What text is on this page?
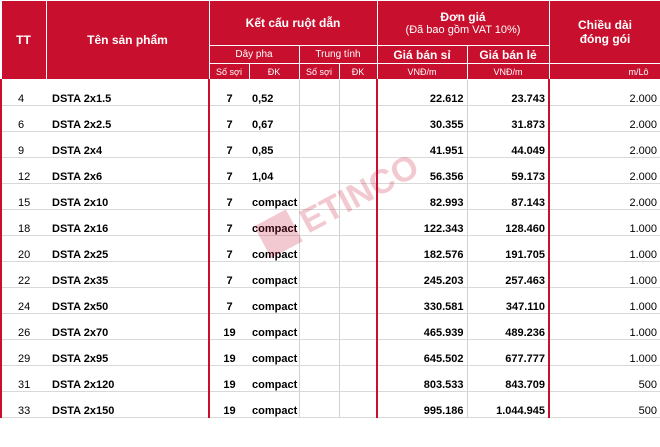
TT	Tên sản phẩm	Kết cấu ruột dẫn				Đơn giá
(Đã bao gồm VAT 10%)		Chiều dài
đóng gói

		Dây pha		Trung tính		Giá bán sỉ	Giá bán lẻ	
		Số sợi	ĐK	Số sợi	ĐK	VNĐ/m	VNĐ/m	m/Lô
4	DSTA 2x1.5	7	0,52			22.612	23.743	2.000
6	DSTA 2x2.5	7	0,67			30.355	31.873	2.000
9	DSTA 2x4	7	0,85			41.951	44.049	2.000
12	DSTA 2x6	7	1,04			56.356	59.173	2.000
15	DSTA 2x10	7	compact			82.993	87.143	2.000
18	DSTA 2x16	7	compact			122.343	128.460	1.000
20	DSTA 2x25	7	compact			182.576	191.705	1.000
22	DSTA 2x35	7	compact			245.203	257.463	1.000
24	DSTA 2x50	7	compact			330.581	347.110	1.000
26	DSTA 2x70	19	compact			465.939	489.236	1.000
29	DSTA 2x95	19	compact			645.502	677.777	1.000
31	DSTA 2x120	19	compact			803.533	843.709	500
33	DSTA 2x150	19	compact			995.186	1.044.945	500
ETINCO
